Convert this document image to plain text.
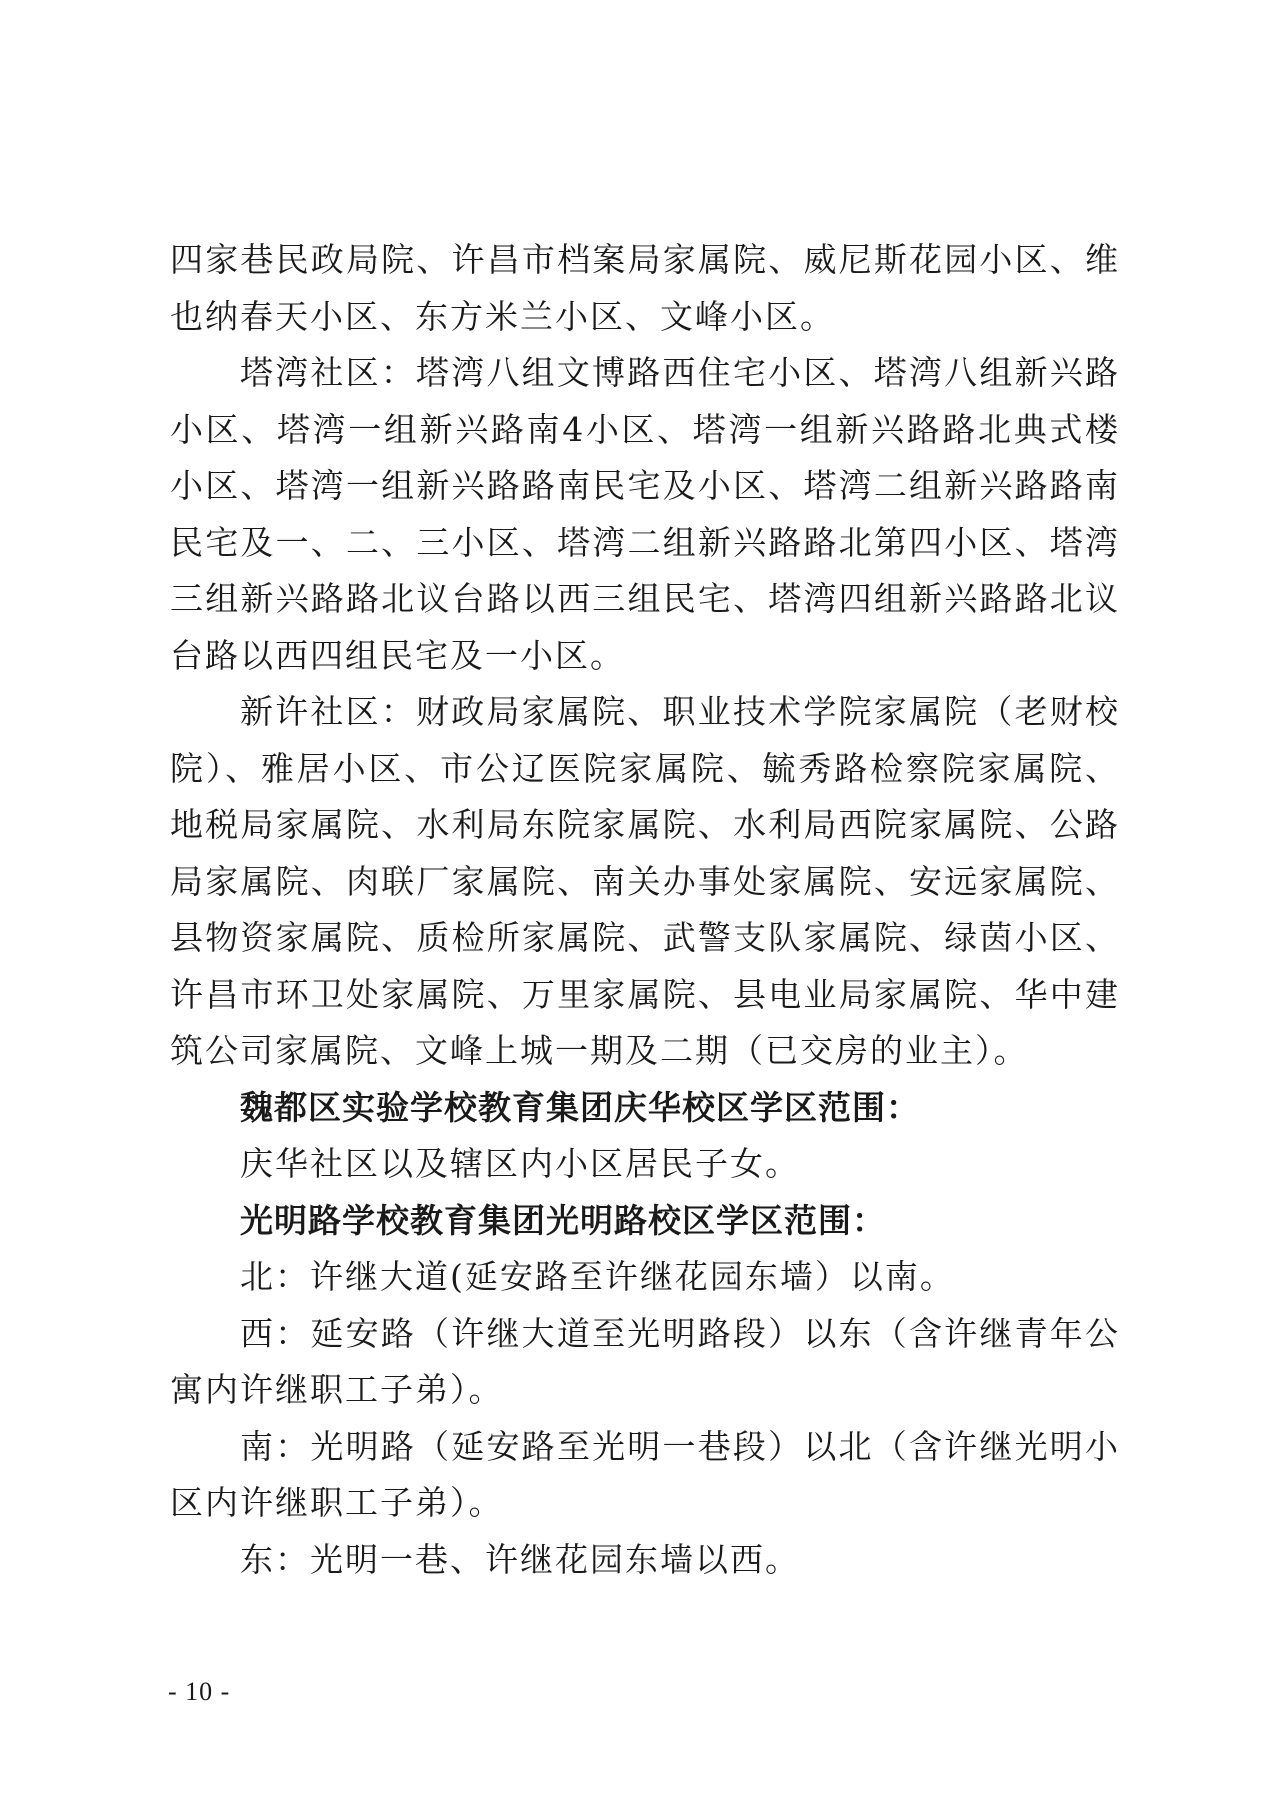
四家巷民政局院、许昌市档案局家属院、威尼斯花园小区、维也纳春天小区、东方米兰小区、文峰小区。

塔湾社区：塔湾八组文博路西住宅小区、塔湾八组新兴路小区、塔湾一组新兴路南4小区、塔湾一组新兴路路北典式楼小区、塔湾一组新兴路路南民宅及小区、塔湾二组新兴路路南民宅及一、二、三小区、塔湾二组新兴路路北第四小区、塔湾三组新兴路路北议台路以西三组民宅、塔湾四组新兴路路北议台路以西四组民宅及一小区。

新许社区：财政局家属院、职业技术学院家属院（老财校院）、雅居小区、市公辽医院家属院、毓秀路检察院家属院、地税局家属院、水利局东院家属院、水利局西院家属院、公路局家属院、肉联厂家属院、南关办事处家属院、安远家属院、县物资家属院、质检所家属院、武警支队家属院、绿茵小区、许昌市环卫处家属院、万里家属院、县电业局家属院、华中建筑公司家属院、文峰上城一期及二期（已交房的业主）。

魏都区实验学校教育集团庆华校区学区范围：

庆华社区以及辖区内小区居民子女。

光明路学校教育集团光明路校区学区范围：

北：许继大道(延安路至许继花园东墙）以南。

西：延安路（许继大道至光明路段）以东（含许继青年公寓内许继职工子弟）。

南：光明路（延安路至光明一巷段）以北（含许继光明小区内许继职工子弟）。

东：光明一巷、许继花园东墙以西。

- 10 -
